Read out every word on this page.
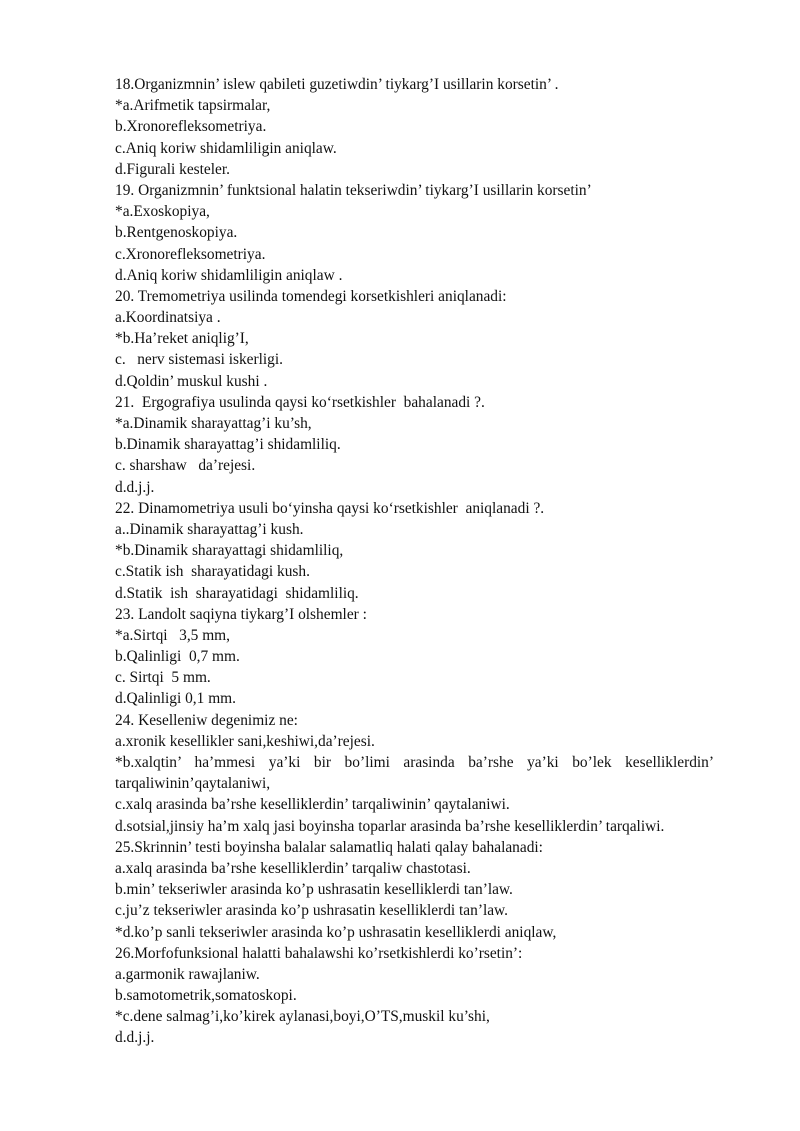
18.Organizmnin’ islew qabileti guzetiwdin’ tiykarg’I usillarin korsetin’ .
*a.Arifmetik tapsirmalar,
b.Xronorefleksometriya.
c.Aniq koriw shidamliligin aniqlaw.
d.Figurali kesteler.
19. Organizmnin’ funktsional halatin tekseriwdin’ tiykarg’I usillarin korsetin’
*a.Exoskopiya,
b.Rentgenoskopiya.
c.Xronorefleksometriya.
d.Aniq koriw shidamliligin aniqlaw .
20. Tremometriya usilinda tomendegi korsetkishleri aniqlanadi:
a.Koordinatsiya .
*b.Ha’reket aniqlig’I,
c.   nerv sistemasi iskerligi.
d.Qoldin’ muskul kushi .
21.  Ergografiya usulinda qaysi ko‘rsetkishler  bahalanadi ?.
*a.Dinamik sharayattag’i ku’sh,
b.Dinamik sharayattag’i shidamliliq.
c. sharshaw   da’rejesi.
d.d.j.j.
22. Dinamometriya usuli bo‘yinsha qaysi ko‘rsetkishler  aniqlanadi ?.
a..Dinamik sharayattag’i kush.
*b.Dinamik sharayattagi shidamliliq,
c.Statik ish  sharayatidagi kush.
d.Statik  ish  sharayatidagi  shidamliliq.
23. Landolt saqiyna tiykarg’I olshemler :
*a.Sirtqi   3,5 mm,
b.Qalinligi  0,7 mm.
c. Sirtqi  5 mm.
d.Qalinligi 0,1 mm.
24. Keselleniw degenimiz ne:
a.xronik kesellikler sani,keshiwi,da’rejesi.
*b.xalqtin’ ha’mmesi ya’ki bir bo’limi arasinda ba’rshe ya’ki bo’lek keselliklerdin’
tarqaliwinin’qaytalaniwi,
c.xalq arasinda ba’rshe keselliklerdin’ tarqaliwinin’ qaytalaniwi.
d.sotsial,jinsiy ha’m xalq jasi boyinsha toparlar arasinda ba’rshe keselliklerdin’ tarqaliwi.
25.Skrinnin’ testi boyinsha balalar salamatliq halati qalay bahalanadi:
a.xalq arasinda ba’rshe keselliklerdin’ tarqaliw chastotasi.
b.min’ tekseriwler arasinda ko’p ushrasatin keselliklerdi tan’law.
c.ju’z tekseriwler arasinda ko’p ushrasatin keselliklerdi tan’law.
*d.ko’p sanli tekseriwler arasinda ko’p ushrasatin keselliklerdi aniqlaw,
26.Morfofunksional halatti bahalawshi ko’rsetkishlerdi ko’rsetin’:
a.garmonik rawajlaniw.
b.samotometrik,somatoskopi.
*c.dene salmag’i,ko’kirek aylanasi,boyi,O’TS,muskil ku’shi,
d.d.j.j.
